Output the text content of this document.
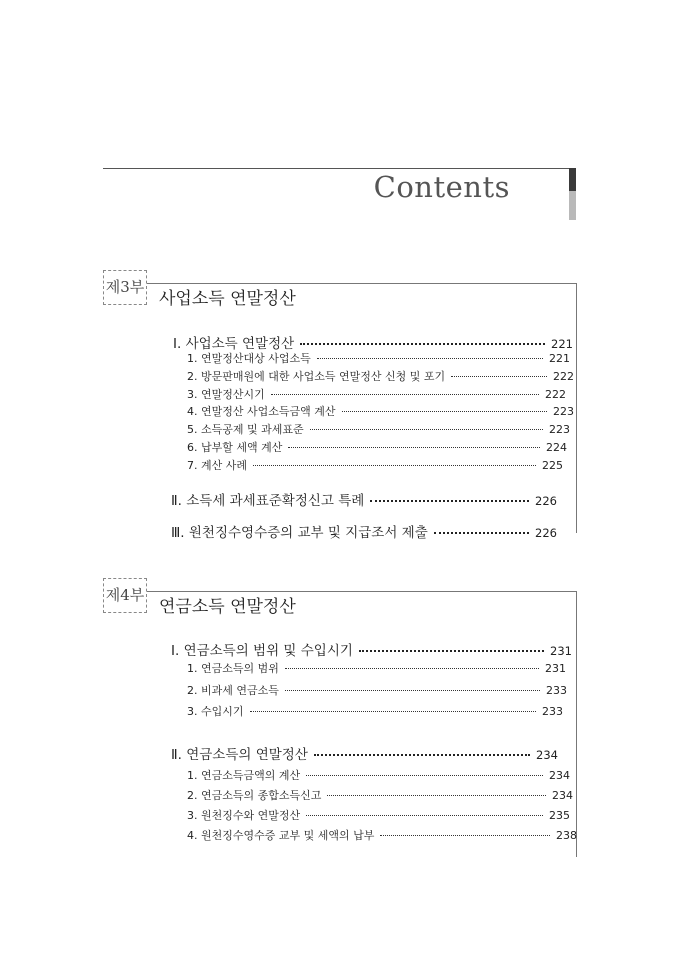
Contents
제3부
사업소득 연말정산
Ⅰ. 사업소득 연말정산	221
1. 연말정산대상 사업소득	221
2. 방문판매원에 대한 사업소득 연말정산 신청 및 포기	222
3. 연말정산시기	222
4. 연말정산 사업소득금액 계산	223
5. 소득공제 및 과세표준	223
6. 납부할 세액 계산	224
7. 계산 사례	225
Ⅱ. 소득세 과세표준확정신고 특례	226
Ⅲ. 원천징수영수증의 교부 및 지급조서 제출	226
제4부
연금소득 연말정산
Ⅰ. 연금소득의 범위 및 수입시기	231
1. 연금소득의 범위	231
2. 비과세 연금소득	233
3. 수입시기	233
Ⅱ. 연금소득의 연말정산	234
1. 연금소득금액의 계산	234
2. 연금소득의 종합소득신고	234
3. 원천징수와 연말정산	235
4. 원천징수영수증 교부 및 세액의 납부	238
